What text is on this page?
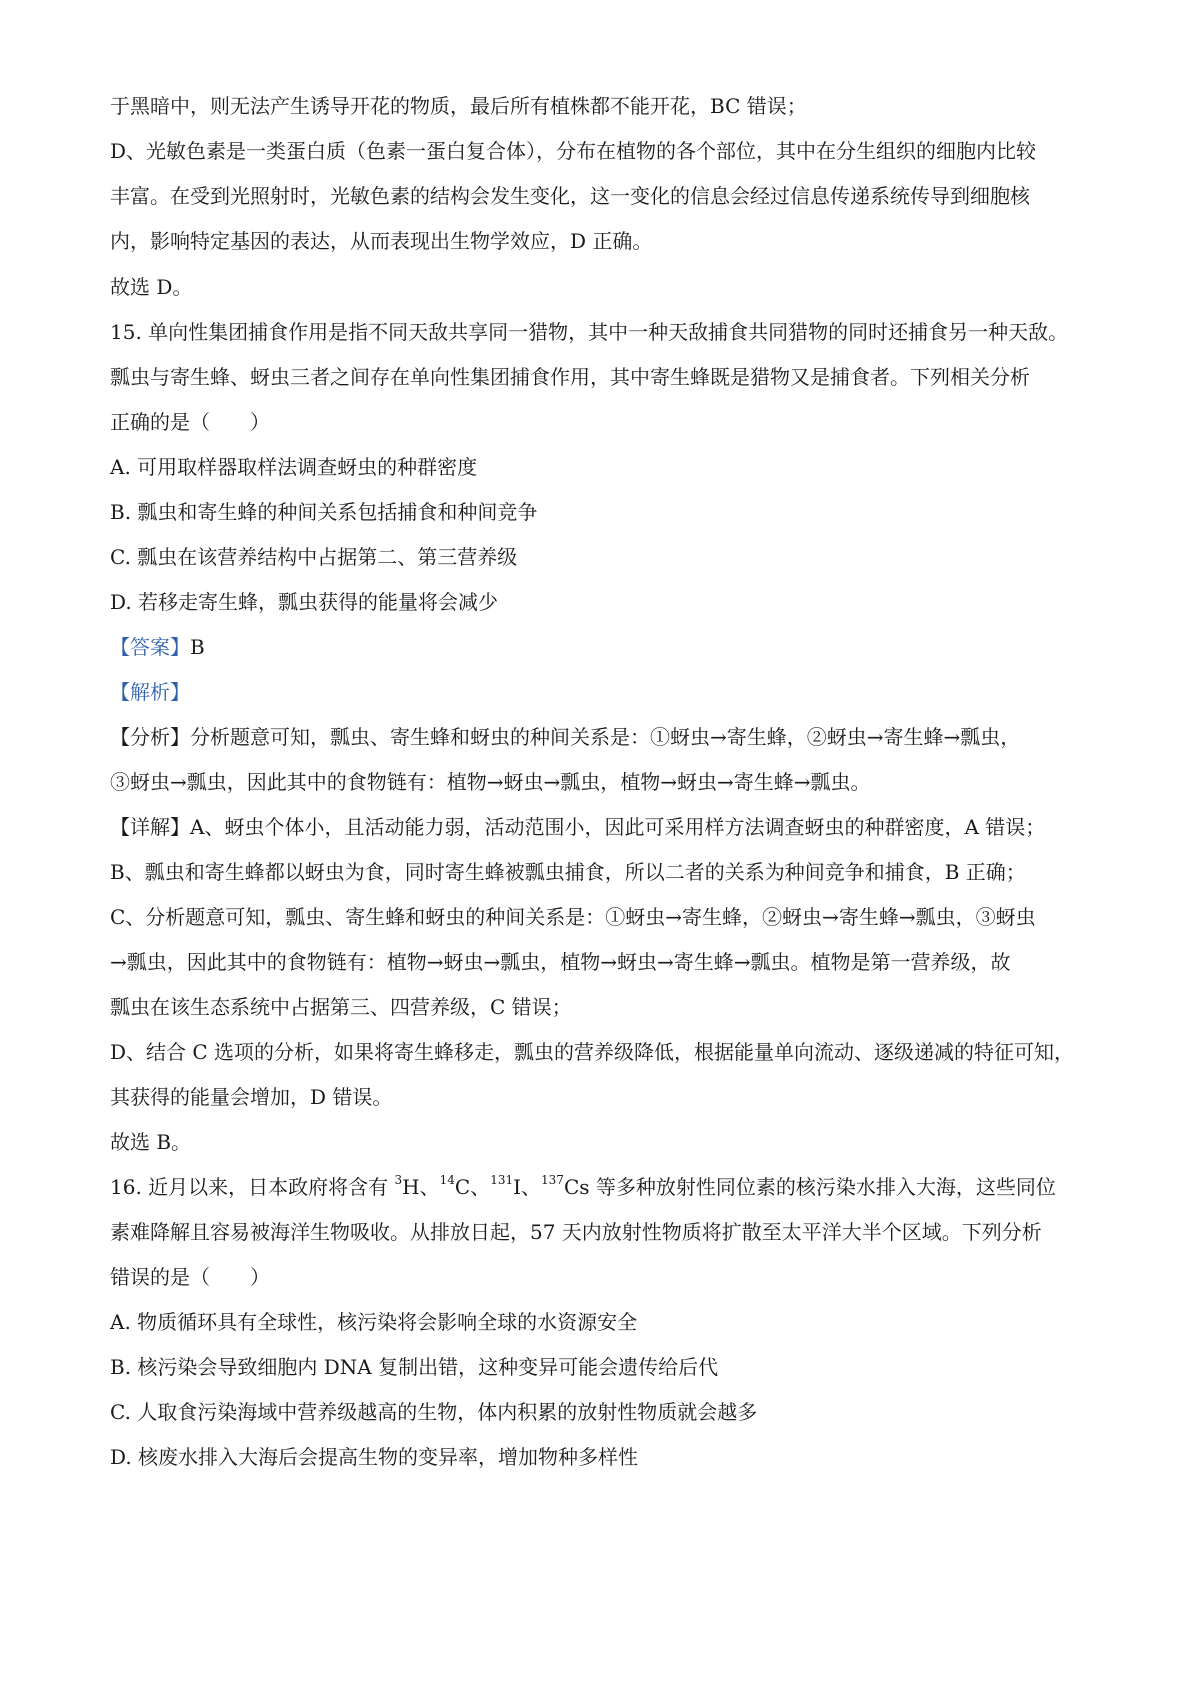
于黑暗中，则无法产生诱导开花的物质，最后所有植株都不能开花，BC 错误；
D、光敏色素是一类蛋白质（色素一蛋白复合体），分布在植物的各个部位，其中在分生组织的细胞内比较
丰富。在受到光照射时，光敏色素的结构会发生变化，这一变化的信息会经过信息传递系统传导到细胞核
内，影响特定基因的表达，从而表现出生物学效应，D 正确。
故选 D。
15. 单向性集团捕食作用是指不同天敌共享同一猎物，其中一种天敌捕食共同猎物的同时还捕食另一种天敌。
瓢虫与寄生蜂、蚜虫三者之间存在单向性集团捕食作用，其中寄生蜂既是猎物又是捕食者。下列相关分析
正确的是（　　）
A. 可用取样器取样法调查蚜虫的种群密度
B. 瓢虫和寄生蜂的种间关系包括捕食和种间竞争
C. 瓢虫在该营养结构中占据第二、第三营养级
D. 若移走寄生蜂，瓢虫获得的能量将会减少
【答案】B
【解析】
【分析】分析题意可知，瓢虫、寄生蜂和蚜虫的种间关系是：①蚜虫→寄生蜂，②蚜虫→寄生蜂→瓢虫，
③蚜虫→瓢虫，因此其中的食物链有：植物→蚜虫→瓢虫，植物→蚜虫→寄生蜂→瓢虫。
【详解】A、蚜虫个体小，且活动能力弱，活动范围小，因此可采用样方法调查蚜虫的种群密度，A 错误；
B、瓢虫和寄生蜂都以蚜虫为食，同时寄生蜂被瓢虫捕食，所以二者的关系为种间竞争和捕食，B 正确；
C、分析题意可知，瓢虫、寄生蜂和蚜虫的种间关系是：①蚜虫→寄生蜂，②蚜虫→寄生蜂→瓢虫，③蚜虫
→瓢虫，因此其中的食物链有：植物→蚜虫→瓢虫，植物→蚜虫→寄生蜂→瓢虫。植物是第一营养级，故
瓢虫在该生态系统中占据第三、四营养级，C 错误；
D、结合 C 选项的分析，如果将寄生蜂移走，瓢虫的营养级降低，根据能量单向流动、逐级递减的特征可知，
其获得的能量会增加，D 错误。
故选 B。
16. 近月以来，日本政府将含有 $^3$H、$^{14}$C、$^{131}$I、$^{137}$Cs 等多种放射性同位素的核污染水排入大海，这些同位
素难降解且容易被海洋生物吸收。从排放日起，57 天内放射性物质将扩散至太平洋大半个区域。下列分析
错误的是（　　）
A. 物质循环具有全球性，核污染将会影响全球的水资源安全
B. 核污染会导致细胞内 DNA 复制出错，这种变异可能会遗传给后代
C. 人取食污染海域中营养级越高的生物，体内积累的放射性物质就会越多
D. 核废水排入大海后会提高生物的变异率，增加物种多样性
